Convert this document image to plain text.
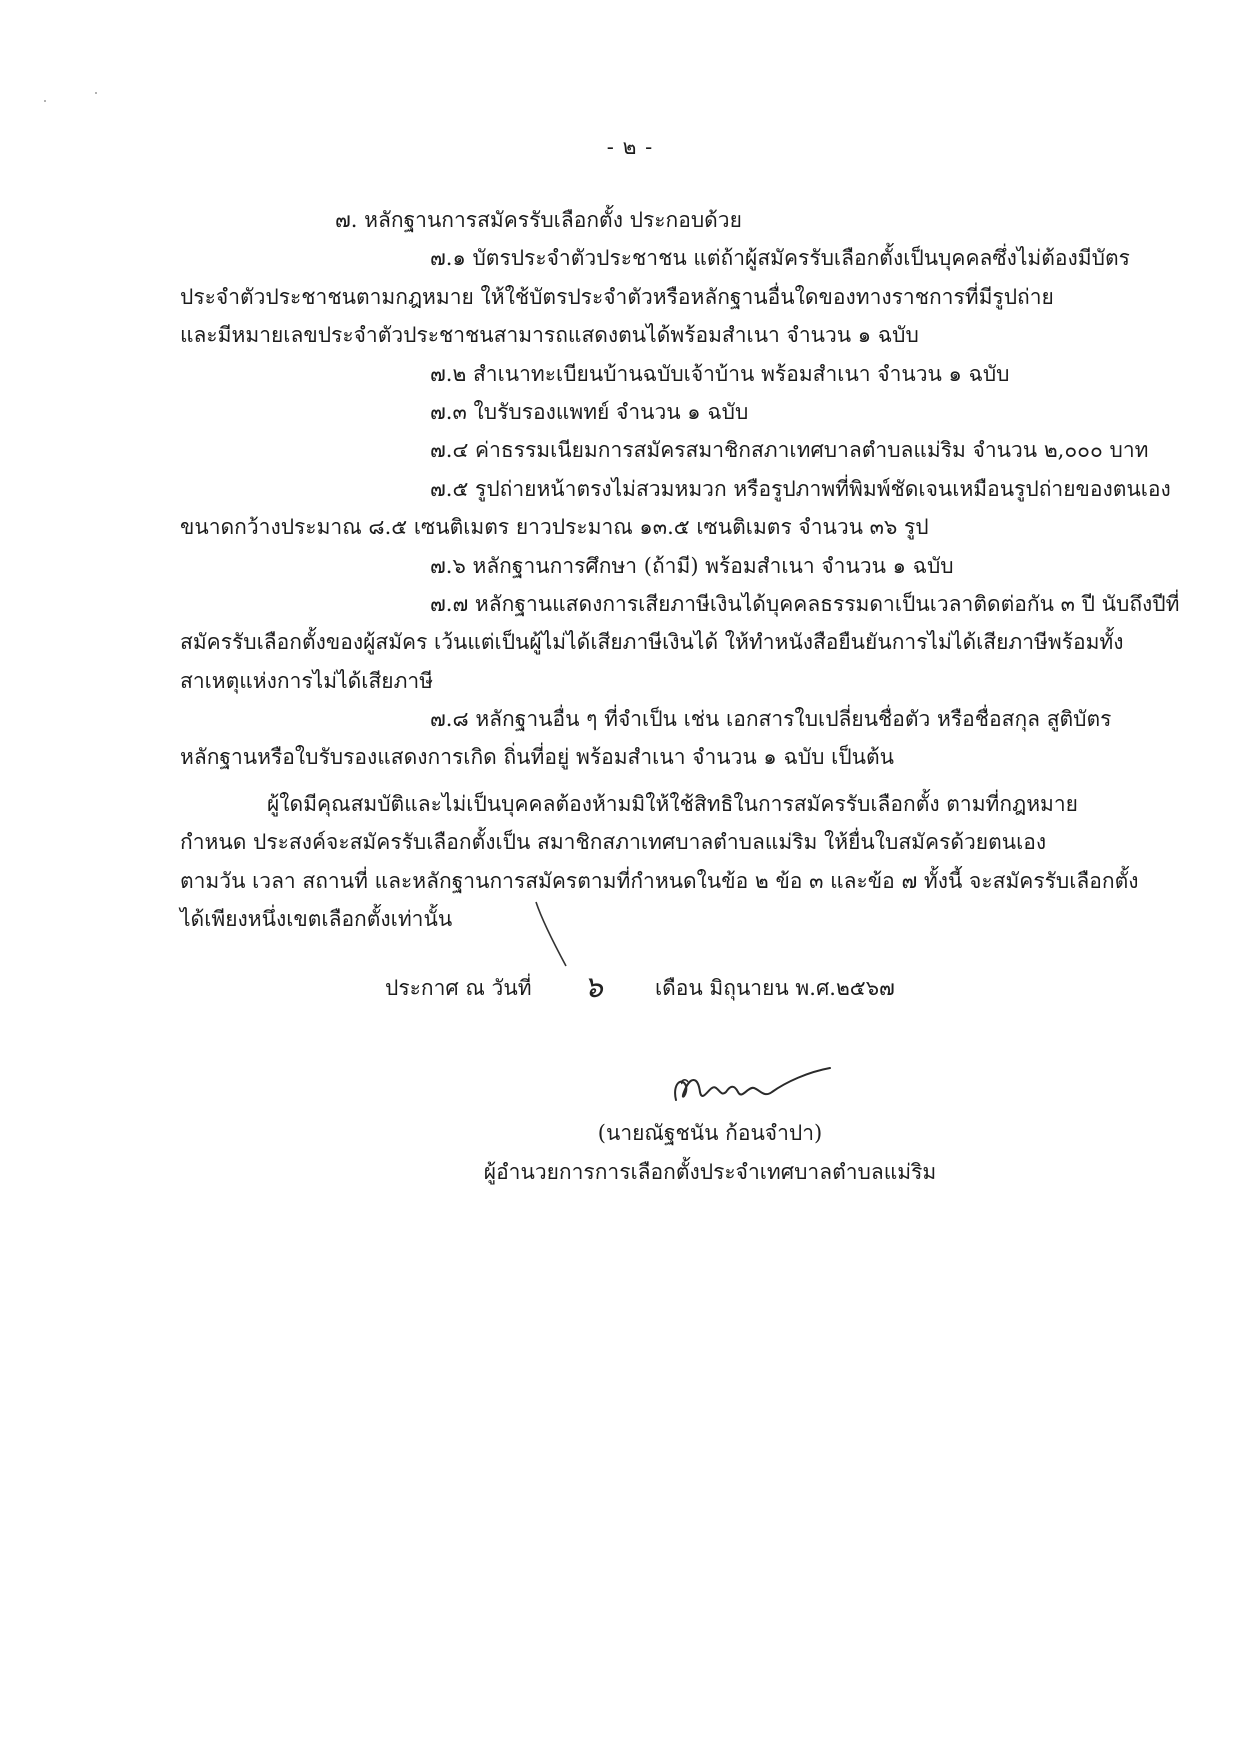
- ๒ -
๗. หลักฐานการสมัครรับเลือกตั้ง ประกอบด้วย
๗.๑ บัตรประจำตัวประชาชน แต่ถ้าผู้สมัครรับเลือกตั้งเป็นบุคคลซึ่งไม่ต้องมีบัตร
ประจำตัวประชาชนตามกฎหมาย ให้ใช้บัตรประจำตัวหรือหลักฐานอื่นใดของทางราชการที่มีรูปถ่าย
และมีหมายเลขประจำตัวประชาชนสามารถแสดงตนได้พร้อมสำเนา จำนวน ๑ ฉบับ
๗.๒ สำเนาทะเบียนบ้านฉบับเจ้าบ้าน พร้อมสำเนา จำนวน ๑ ฉบับ
๗.๓ ใบรับรองแพทย์ จำนวน ๑ ฉบับ
๗.๔ ค่าธรรมเนียมการสมัครสมาชิกสภาเทศบาลตำบลแม่ริม จำนวน ๒,๐๐๐ บาท
๗.๕ รูปถ่ายหน้าตรงไม่สวมหมวก หรือรูปภาพที่พิมพ์ชัดเจนเหมือนรูปถ่ายของตนเอง
ขนาดกว้างประมาณ ๘.๕ เซนติเมตร ยาวประมาณ ๑๓.๕ เซนติเมตร จำนวน ๓๖ รูป
๗.๖ หลักฐานการศึกษา (ถ้ามี) พร้อมสำเนา จำนวน ๑ ฉบับ
๗.๗ หลักฐานแสดงการเสียภาษีเงินได้บุคคลธรรมดาเป็นเวลาติดต่อกัน ๓ ปี นับถึงปีที่
สมัครรับเลือกตั้งของผู้สมัคร เว้นแต่เป็นผู้ไม่ได้เสียภาษีเงินได้ ให้ทำหนังสือยืนยันการไม่ได้เสียภาษีพร้อมทั้ง
สาเหตุแห่งการไม่ได้เสียภาษี
๗.๘ หลักฐานอื่น ๆ ที่จำเป็น เช่น เอกสารใบเปลี่ยนชื่อตัว หรือชื่อสกุล สูติบัตร
หลักฐานหรือใบรับรองแสดงการเกิด ถิ่นที่อยู่ พร้อมสำเนา จำนวน ๑ ฉบับ เป็นต้น
ผู้ใดมีคุณสมบัติและไม่เป็นบุคคลต้องห้ามมิให้ใช้สิทธิในการสมัครรับเลือกตั้ง ตามที่กฎหมาย
กำหนด ประสงค์จะสมัครรับเลือกตั้งเป็น สมาชิกสภาเทศบาลตำบลแม่ริม ให้ยื่นใบสมัครด้วยตนเอง
ตามวัน เวลา สถานที่ และหลักฐานการสมัครตามที่กำหนดในข้อ ๒ ข้อ ๓ และข้อ ๗ ทั้งนี้ จะสมัครรับเลือกตั้ง
ได้เพียงหนึ่งเขตเลือกตั้งเท่านั้น
ประกาศ ณ วันที่ ๖ เดือน มิถุนายน พ.ศ.๒๕๖๗
(นายณัฐชนัน ก้อนจำปา)
ผู้อำนวยการการเลือกตั้งประจำเทศบาลตำบลแม่ริม
